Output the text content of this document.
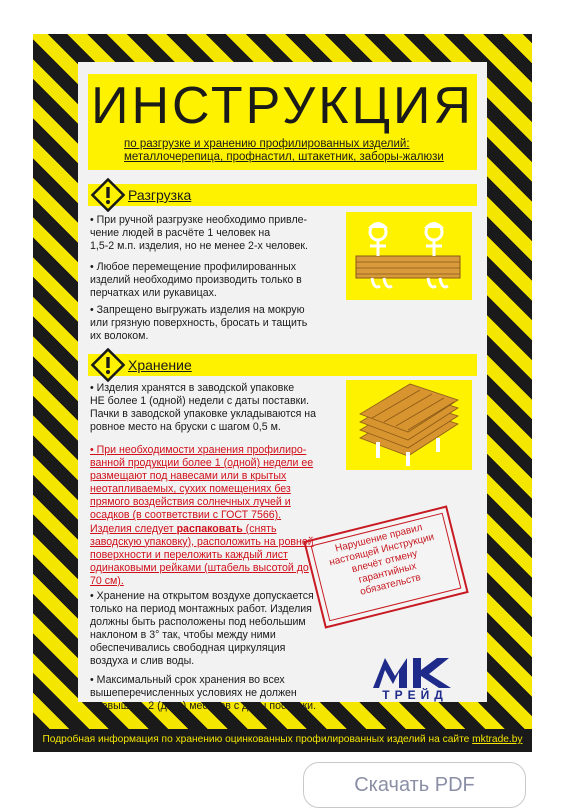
ИНСТРУКЦИЯ
по разгрузке и хранению профилированных изделий:
металлочерепица, профнастил, штакетник, заборы-жалюзи
Разгрузка
• При ручной разгрузке необходимо привле-
чение людей в расчёте 1 человек на
1,5-2 м.п. изделия, но не менее 2-х человек.
• Любое перемещение профилированных
изделий необходимо производить только в
перчатках или рукавицах.
• Запрещено выгружать изделия на мокрую
или грязную поверхность, бросать и тащить
их волоком.
Хранение
• Изделия хранятся в заводской упаковке
НЕ более 1 (одной) недели с даты поставки.
Пачки в заводской упаковке укладываются на
ровное место на бруски с шагом 0,5 м.
• При необходимости хранения профилиро-
ванной продукции более 1 (одной) недели ее
размещают под навесами или в крытых
неотапливаемых, сухих помещениях без
прямого воздействия солнечных лучей и
осадков (в соответствии с ГОСТ 7566).
Изделия следует распаковать (снять
заводскую упаковку), расположить на ровной
поверхности и переложить каждый лист
одинаковыми рейками (штабель высотой до
70 см).
• Хранение на открытом воздухе допускается
только на период монтажных работ. Изделия
должны быть расположены под небольшим
наклоном в 3° так, чтобы между ними
обеспечивались свободная циркуляция
воздуха и слив воды.
• Максимальный срок хранения во всех
вышеперечисленных условиях не должен
превышать 2 (двух) месяцев с даты поставки.
Нарушение правил
настоящей Инструкции
влечёт отмену
гарантийных
обязательств
ТРЕЙД
Подробная информация по хранению оцинкованных профилированных изделий на сайте mktrade.by
Скачать PDF
